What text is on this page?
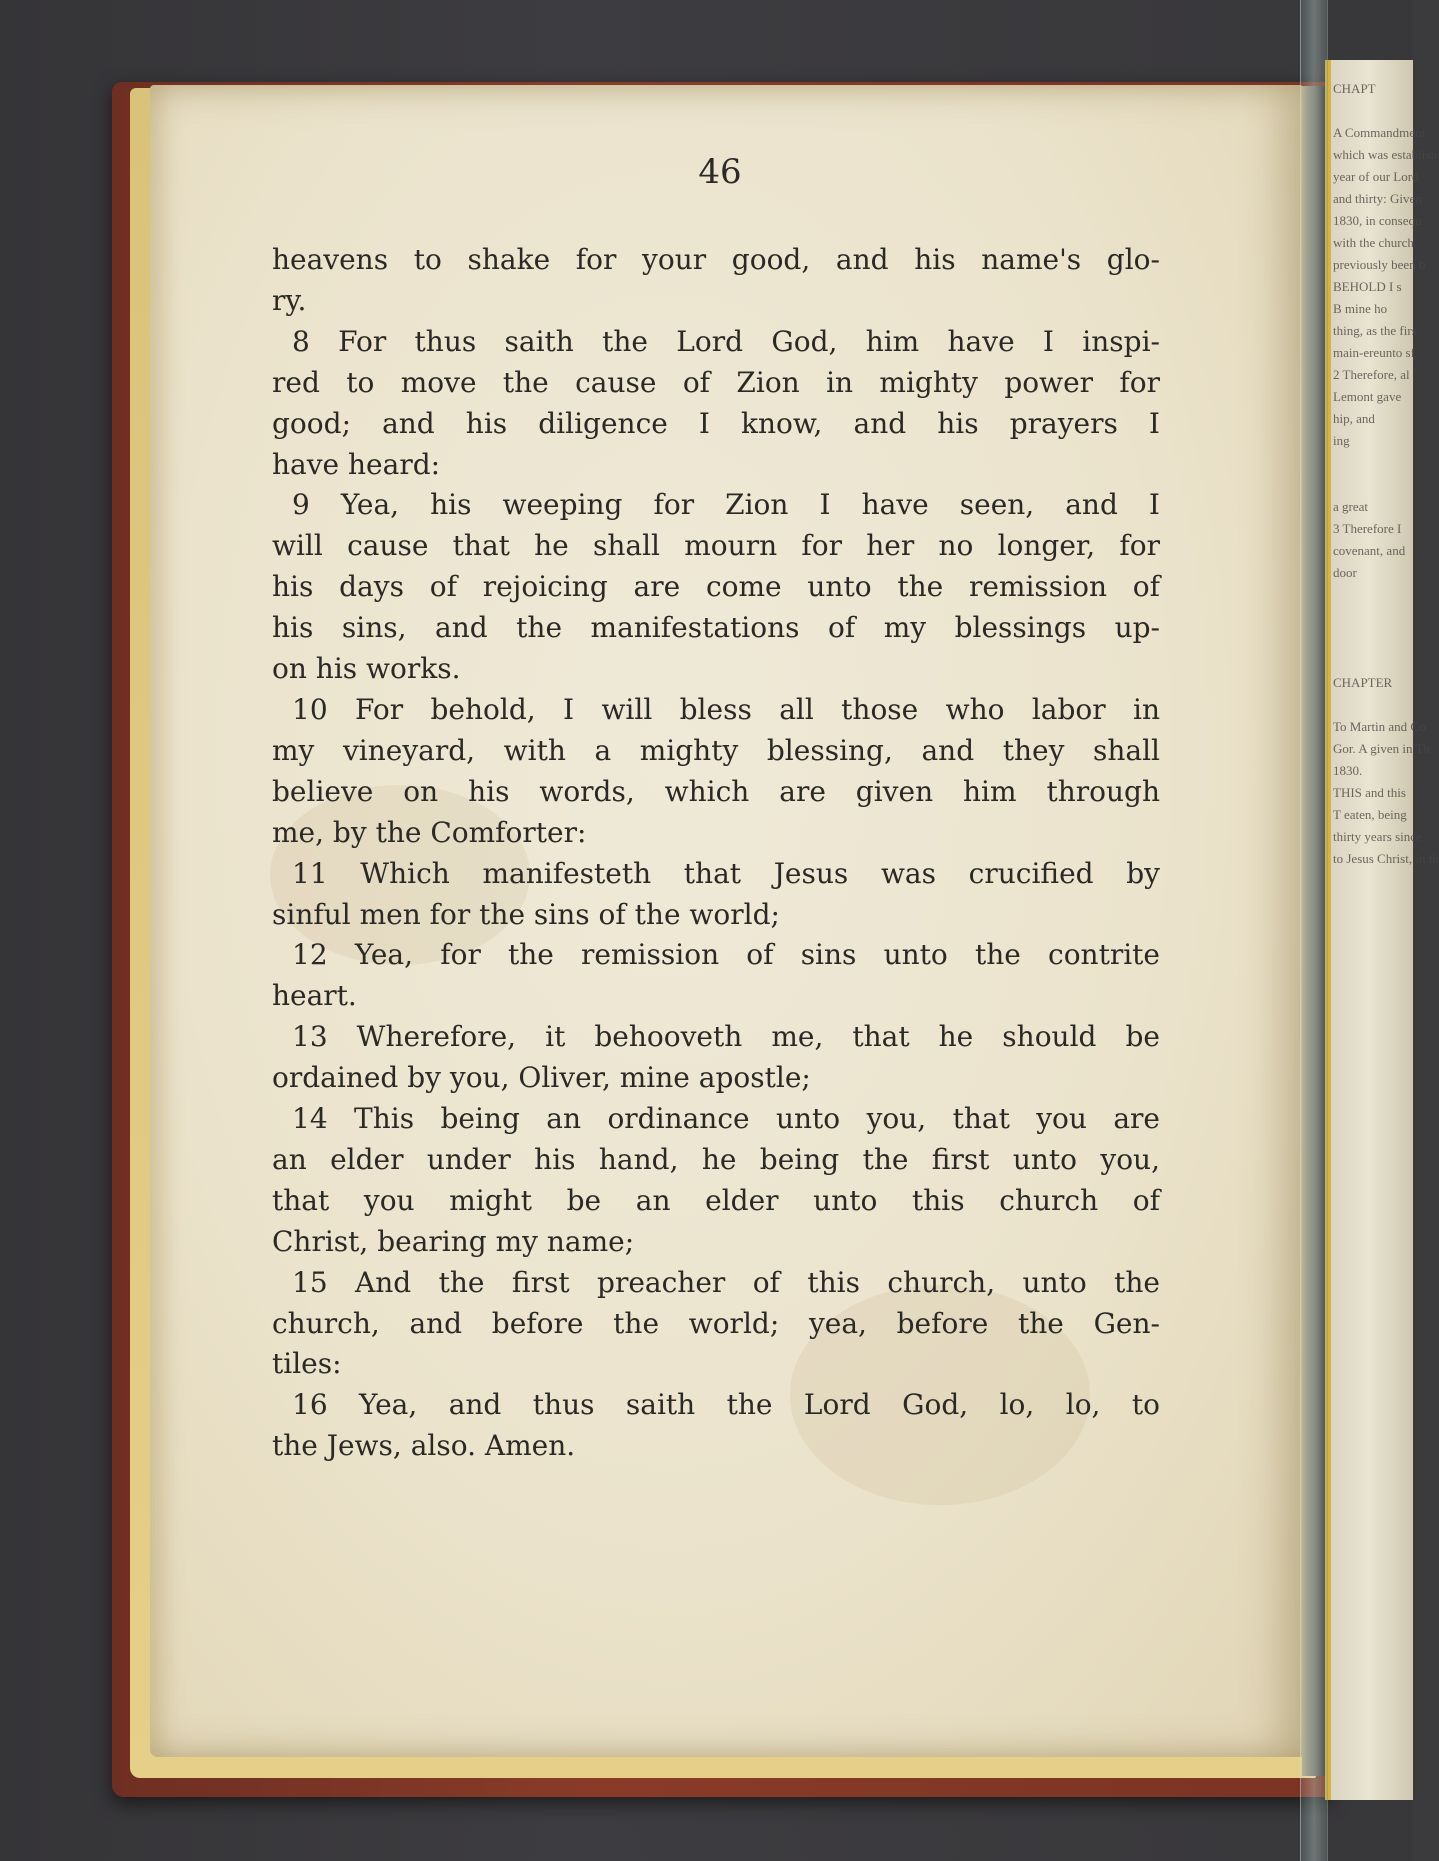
46
heavens to shake for your good, and his name's glo-
ry.
8 For thus saith the Lord God, him have I inspi-
red to move the cause of Zion in mighty power for
good; and his diligence I know, and his prayers I
have heard:
9 Yea, his weeping for Zion I have seen, and I
will cause that he shall mourn for her no longer, for
his days of rejoicing are come unto the remission of
his sins, and the manifestations of my blessings up-
on his works.
10 For behold, I will bless all those who labor in
my vineyard, with a mighty blessing, and they shall
believe on his words, which are given him through
me, by the Comforter:
11 Which manifesteth that Jesus was crucified by
sinful men for the sins of the world;
12 Yea, for the remission of sins unto the contrite
heart.
13 Wherefore, it behooveth me, that he should be
ordained by you, Oliver, mine apostle;
14 This being an ordinance unto you, that you are
an elder under his hand, he being the first unto you,
that you might be an elder unto this church of
Christ, bearing my name;
15 And the first preacher of this church, unto the
church, and before the world; yea, before the Gen-
tiles:
16 Yea, and thus saith the Lord God, lo, lo, to
the Jews, also. Amen.
CHAPT
A Commandment
which was establish
year of our Lord
and thirty: Given
1830, in consequ
with the church
previously been b
BEHOLD I s
B mine ho
thing, as the firs
main-ereunto sf
2 Therefore, al
Lemont gave
hip, and
ing
a great
3 Therefore I
covenant, and
door
CHAPTER
To Martin and Co
Gor. A given in Th
1830.
THIS and this
T eaten, being
thirty years since
to Jesus Christ, in th
